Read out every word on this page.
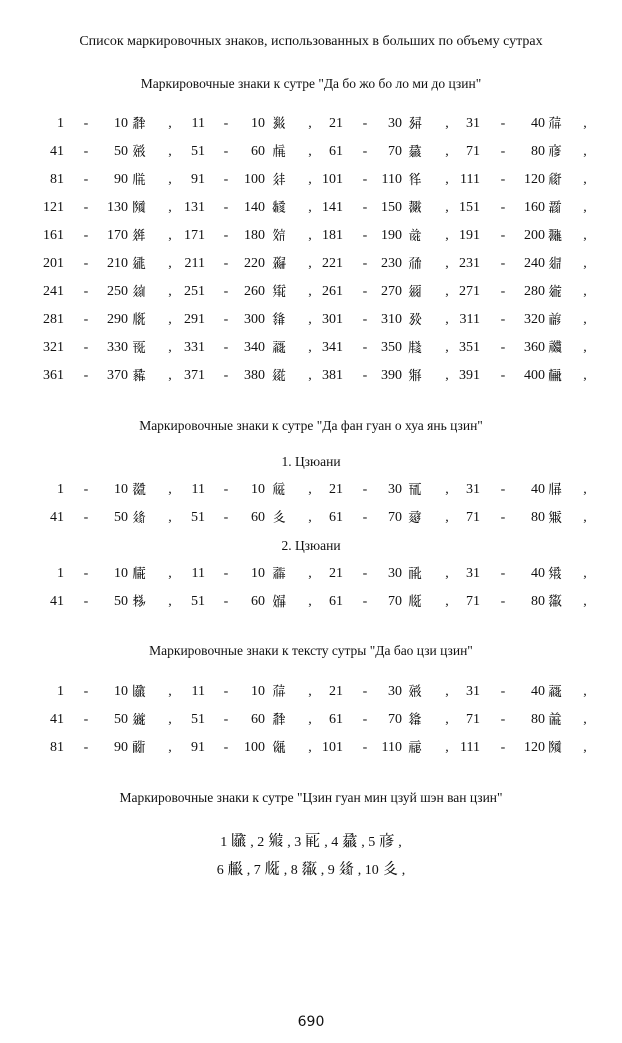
Список маркировочных знаков, использованных в больших по объему сутрах
Маркировочные знаки к сутре "Да бо жо бо ло ми до цзин"
1 -	10 𗴂 ,	11 -	10 𗯰 ,	21 -	30 𗉘 ,	31 -	40 𗗚 ,
41 -	50 𗡦 ,	51 -	60 𗍫 ,	61 -	70 𗲠 ,	71 -	80 𗇋 ,
81 -	90 𗄼 ,	91 -	100 𗢳 , 101 -	110 𗃛 , 111 -	120 𗏆 ,
121 -	130 𗂧 , 131 -	140 𗴢 , 141 - 150 𗗂 , 151 -	160 𗵆 ,
161 -	170 𗤶 , 171 -	180 𗼻 , 181 - 190 𗯨 , 191 -	200 𗖵 ,
201 -	210 𗧓 , 211 -	220 𗘅 , 221 - 230 𗗙 , 231 -	240 𗤋 ,
241 -	250 𗦻 , 251 -	260 𗋕 , 261 - 270 𗥃 , 271 -	280 𗨁 ,
281 -	290 𗅋 , 291 -	300 𗌭 , 301 - 310 𗉔 , 311 -	320 𗑗 ,
321 -	330 𗀔 , 331 -	340 𗹙 , 341 - 350 𗹦 , 351 -	360 𗙫 ,
361 -	370 𗲅 , 371 -	380 𗩱 , 381 - 390 𗋃 , 391 -	400 𗍳 ,
Маркировочные знаки к сутре "Да фан гуан о хуа янь цзин"
1. Цзюани
1 -	10 𗗆 ,	11 -	10 𗏁 ,	21 -	30 𗀋 ,	31 -	40 𗅁 ,
41 -	50 𗦳 ,	51 -	60 𗢨 ,	61 -	70 𗇫 ,	71 -	80 𗋘 ,
2. Цзюани
1 -	10 𗆤 ,	11 -	10 𗹗 ,	21 -	30 𗍷 ,	31 -	40 𗋽 ,
41 -	50 𗈪 ,	51 -	60 𗏵 ,	61 -	70 𗅉 ,	71 -	80 𗉆 ,
Маркировочные знаки к тексту сутры "Да бао цзи цзин"
1 -	10 𗃍 ,	11 -	10 𗗚 ,	21 -	30 𗡦 ,	31 -	40 𗹙 ,
41 -	50 𗫂 ,	51 -	60 𗴂 ,	61 -	70 𗌮 ,	71 -	80 𗑱 ,
81 -	90 𗠁 ,	91 -	100 𗃩 , 101 -	110 𗄊 , 111 -	120 𗂧 ,
Маркировочные знаки к сутре "Цзин гуан мин цзуй шэн ван цзин"
1 𗃍 , 2 𗋚 , 3 𗀄 , 4 𗲠 , 5 𗇋 ,
6 𗍰 , 7 𗅉 , 8 𗉆 , 9 𗦳 , 10 𗢨 ,
690
